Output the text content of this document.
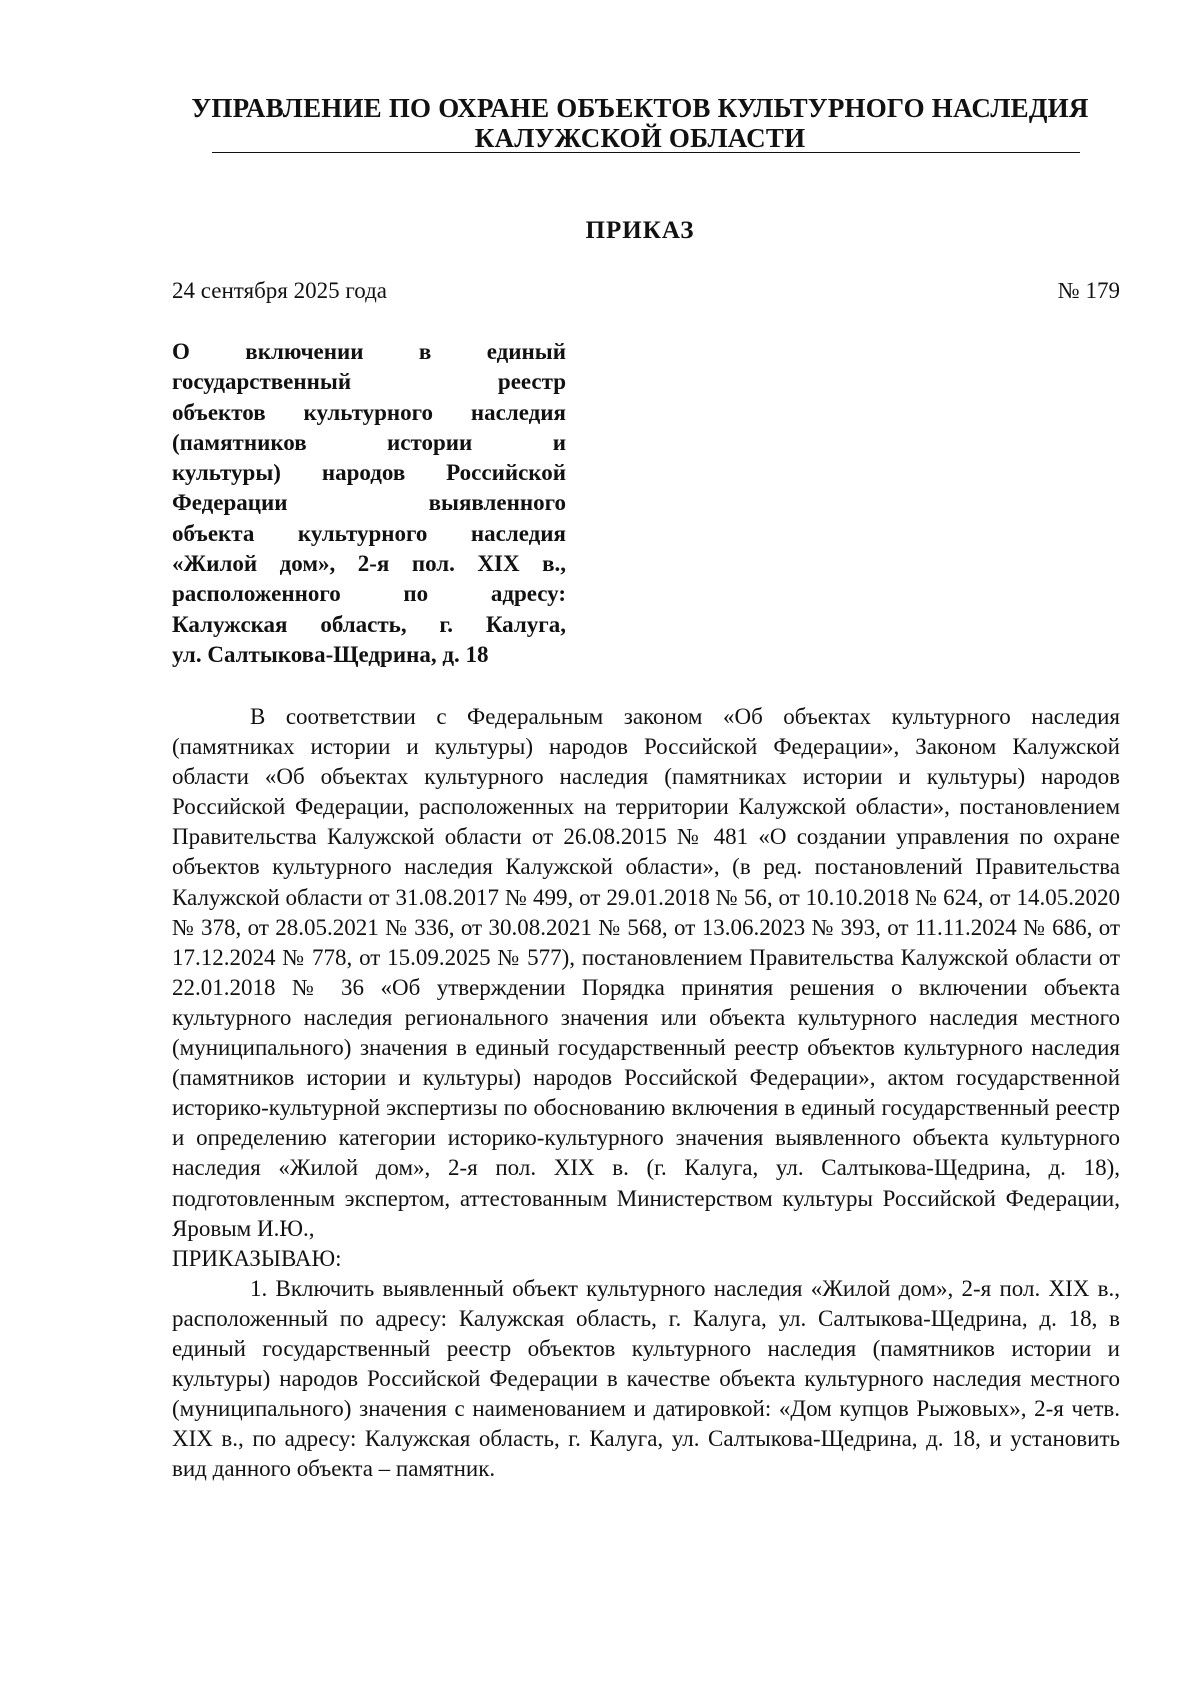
УПРАВЛЕНИЕ ПО ОХРАНЕ ОБЪЕКТОВ КУЛЬТУРНОГО НАСЛЕДИЯ
КАЛУЖСКОЙ ОБЛАСТИ
ПРИКАЗ
24 сентября 2025 года	№ 179
О включении в единый
государственный реестр
объектов культурного наследия
(памятников истории и
культуры) народов Российской
Федерации выявленного
объекта культурного наследия
«Жилой дом», 2-я пол. XIX в.,
расположенного по адресу:
Калужская область, г. Калуга,
ул. Салтыкова-Щедрина, д. 18

В соответствии с Федеральным законом «Об объектах культурного наследия (памятниках истории и культуры) народов Российской Федерации», Законом Калужской области «Об объектах культурного наследия (памятниках истории и культуры) народов Российской Федерации, расположенных на территории Калужской области», постановлением Правительства Калужской области от 26.08.2015 № 481 «О создании управления по охране объектов культурного наследия Калужской области», (в ред. постановлений Правительства Калужской области от 31.08.2017 № 499, от 29.01.2018 № 56, от 10.10.2018 № 624, от 14.05.2020 № 378, от 28.05.2021 № 336, от 30.08.2021 № 568, от 13.06.2023 № 393, от 11.11.2024 № 686, от 17.12.2024 № 778, от 15.09.2025 № 577), постановлением Правительства Калужской области от 22.01.2018 № 36 «Об утверждении Порядка принятия решения о включении объекта культурного наследия регионального значения или объекта культурного наследия местного (муниципального) значения в единый государственный реестр объектов культурного наследия (памятников истории и культуры) народов Российской Федерации», актом государственной историко-культурной экспертизы по обоснованию включения в единый государственный реестр и определению категории историко-культурного значения выявленного объекта культурного наследия «Жилой дом», 2-я пол. XIX в. (г. Калуга, ул. Салтыкова-Щедрина, д. 18), подготовленным экспертом, аттестованным Министерством культуры Российской Федерации, Яровым И.Ю.,
ПРИКАЗЫВАЮ:

1. Включить выявленный объект культурного наследия «Жилой дом», 2-я пол. XIX в., расположенный по адресу: Калужская область, г. Калуга, ул. Салтыкова-Щедрина, д. 18, в единый государственный реестр объектов культурного наследия (памятников истории и культуры) народов Российской Федерации в качестве объекта культурного наследия местного (муниципального) значения с наименованием и датировкой: «Дом купцов Рыжовых», 2-я четв. XIX в., по адресу: Калужская область, г. Калуга, ул. Салтыкова-Щедрина, д. 18, и установить вид данного объекта – памятник.
